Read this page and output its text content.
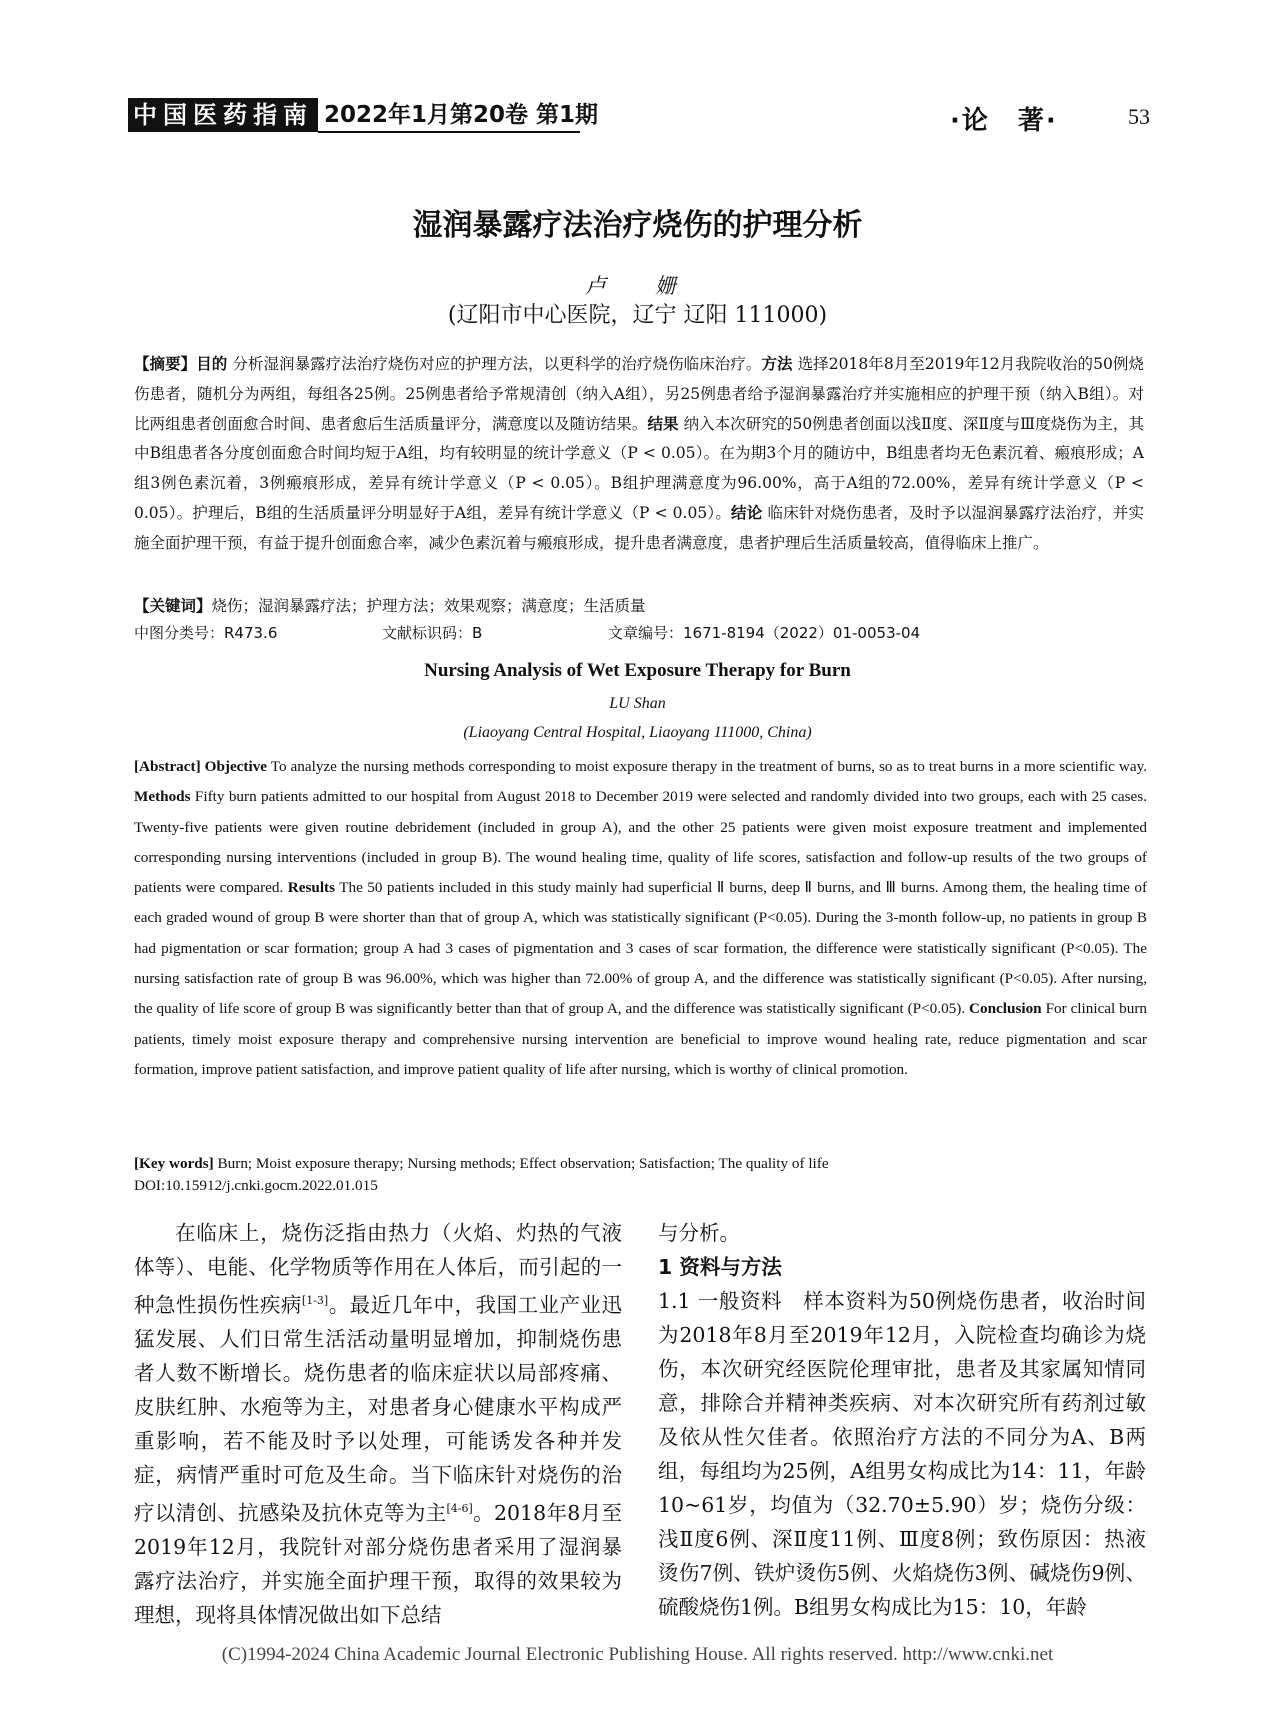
中国医药指南 2022年1月第20卷 第1期	·论　著·	53
湿润暴露疗法治疗烧伤的护理分析
卢　姗
(辽阳市中心医院，辽宁 辽阳 111000)
【摘要】目的 分析湿润暴露疗法治疗烧伤对应的护理方法，以更科学的治疗烧伤临床治疗。方法 选择2018年8月至2019年12月我院收治的50例烧伤患者，随机分为两组，每组各25例。25例患者给予常规清创（纳入A组），另25例患者给予湿润暴露治疗并实施相应的护理干预（纳入B组）。对比两组患者创面愈合时间、患者愈后生活质量评分，满意度以及随访结果。结果 纳入本次研究的50例患者创面以浅Ⅱ度、深Ⅱ度与Ⅲ度烧伤为主，其中B组患者各分度创面愈合时间均短于A组，均有较明显的统计学意义（P < 0.05）。在为期3个月的随访中，B组患者均无色素沉着、瘢痕形成；A组3例色素沉着，3例瘢痕形成，差异有统计学意义（P < 0.05）。B组护理满意度为96.00%，高于A组的72.00%，差异有统计学意义（P < 0.05）。护理后，B组的生活质量评分明显好于A组，差异有统计学意义（P < 0.05）。结论 临床针对烧伤患者，及时予以湿润暴露疗法治疗，并实施全面护理干预，有益于提升创面愈合率，减少色素沉着与瘢痕形成，提升患者满意度，患者护理后生活质量较高，值得临床上推广。
【关键词】烧伤；湿润暴露疗法；护理方法；效果观察；满意度；生活质量
中图分类号：R473.6	文献标识码：B	文章编号：1671-8194（2022）01-0053-04
Nursing Analysis of Wet Exposure Therapy for Burn
LU Shan
(Liaoyang Central Hospital, Liaoyang 111000, China)
[Abstract] Objective To analyze the nursing methods corresponding to moist exposure therapy in the treatment of burns, so as to treat burns in a more scientific way. Methods Fifty burn patients admitted to our hospital from August 2018 to December 2019 were selected and randomly divided into two groups, each with 25 cases. Twenty-five patients were given routine debridement (included in group A), and the other 25 patients were given moist exposure treatment and implemented corresponding nursing interventions (included in group B). The wound healing time, quality of life scores, satisfaction and follow-up results of the two groups of patients were compared. Results The 50 patients included in this study mainly had superficial Ⅱ burns, deep Ⅱ burns, and Ⅲ burns. Among them, the healing time of each graded wound of group B were shorter than that of group A, which was statistically significant (P<0.05). During the 3-month follow-up, no patients in group B had pigmentation or scar formation; group A had 3 cases of pigmentation and 3 cases of scar formation, the difference were statistically significant (P<0.05). The nursing satisfaction rate of group B was 96.00%, which was higher than 72.00% of group A, and the difference was statistically significant (P<0.05). After nursing, the quality of life score of group B was significantly better than that of group A, and the difference was statistically significant (P<0.05). Conclusion For clinical burn patients, timely moist exposure therapy and comprehensive nursing intervention are beneficial to improve wound healing rate, reduce pigmentation and scar formation, improve patient satisfaction, and improve patient quality of life after nursing, which is worthy of clinical promotion.
[Key words] Burn; Moist exposure therapy; Nursing methods; Effect observation; Satisfaction; The quality of life
DOI:10.15912/j.cnki.gocm.2022.01.015
在临床上，烧伤泛指由热力（火焰、灼热的气液体等）、电能、化学物质等作用在人体后，而引起的一种急性损伤性疾病[1-3]。最近几年中，我国工业产业迅猛发展、人们日常生活活动量明显增加，抑制烧伤患者人数不断增长。烧伤患者的临床症状以局部疼痛、皮肤红肿、水疱等为主，对患者身心健康水平构成严重影响，若不能及时予以处理，可能诱发各种并发症，病情严重时可危及生命。当下临床针对烧伤的治疗以清创、抗感染及抗休克等为主[4-6]。2018年8月至2019年12月，我院针对部分烧伤患者采用了湿润暴露疗法治疗，并实施全面护理干预，取得的效果较为理想，现将具体情况做出如下总结
与分析。
1 资料与方法
1.1 一般资料　 样本资料为50例烧伤患者，收治时间为2018年8月至2019年12月，入院检查均确诊为烧伤，本次研究经医院伦理审批，患者及其家属知情同意，排除合并精神类疾病、对本次研究所有药剂过敏及依从性欠佳者。依照治疗方法的不同分为A、B两组，每组均为25例，A组男女构成比为14：11，年龄10~61岁，均值为（32.70±5.90）岁；烧伤分级：浅Ⅱ度6例、深Ⅱ度11例、Ⅲ度8例；致伤原因：热液烫伤7例、铁炉烫伤5例、火焰烧伤3例、碱烧伤9例、硫酸烧伤1例。B组男女构成比为15：10，年龄
(C)1994-2024 China Academic Journal Electronic Publishing House. All rights reserved. http://www.cnki.net
